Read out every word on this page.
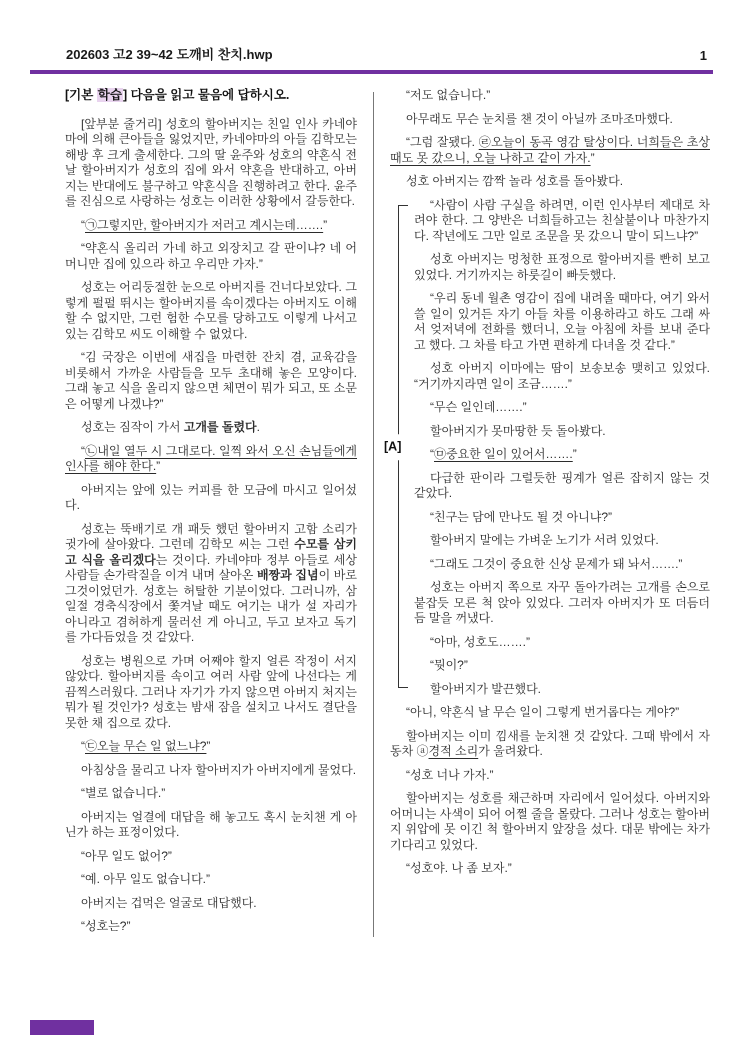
202603 고2 39~42 도깨비 찬치.hwp	1
[기본 학습] 다음을 읽고 물음에 답하시오.

[앞부분 줄거리] 성호의 할아버지는 친일 인사 카네야마에 의해 큰아들을 잃었지만, 카네야마의 아들 김학모는 해방 후 크게 출세한다. 그의 딸 윤주와 성호의 약혼식 전날 할아버지가 성호의 집에 와서 약혼을 반대하고, 아버지는 반대에도 불구하고 약혼식을 진행하려고 한다. 윤주를 진심으로 사랑하는 성호는 이러한 상황에서 갈등한다.

“㉠그렇지만, 할아버지가 저러고 계시는데…….”

“약혼식 올리러 가네 하고 외장치고 갈 판이냐? 네 어머니만 집에 있으라 하고 우리만 가자.”

성호는 어리둥절한 눈으로 아버지를 건너다보았다. 그렇게 펄펄 뛰시는 할아버지를 속이겠다는 아버지도 이해할 수 없지만, 그런 험한 수모를 당하고도 이렇게 나서고 있는 김학모 씨도 이해할 수 없었다.

“김 국장은 이번에 새집을 마련한 잔치 겸, 교육감을 비롯해서 가까운 사람들을 모두 초대해 놓은 모양이다. 그래 놓고 식을 올리지 않으면 체면이 뭐가 되고, 또 소문은 어떻게 나겠냐?”

성호는 짐작이 가서 고개를 돌렸다.

“㉡내일 열두 시 그대로다. 일찍 와서 오신 손님들에게 인사를 해야 한다.”

아버지는 앞에 있는 커피를 한 모금에 마시고 일어섰다.

성호는 뚝배기로 개 패듯 했던 할아버지 고함 소리가 귓가에 살아왔다. 그런데 김학모 씨는 그런 수모를 삼키고 식을 올리겠다는 것이다. 카네야마 정부 아들로 세상 사람들 손가락질을 이겨 내며 살아온 배짱과 집념이 바로 그것이었던가. 성호는 허탈한 기분이었다. 그러니까, 삼일절 경축식장에서 쫓겨날 때도 여기는 내가 설 자리가 아니라고 겸허하게 물러선 게 아니고, 두고 보자고 독기를 가다듬었을 것 같았다.

성호는 병원으로 가며 어째야 할지 얼른 작정이 서지 않았다. 할아버지를 속이고 여러 사람 앞에 나선다는 게 끔찍스러웠다. 그러나 자기가 가지 않으면 아버지 처지는 뭐가 될 것인가? 성호는 밤새 잠을 설치고 나서도 결단을 못한 채 집으로 갔다.

“㉢오늘 무슨 일 없느냐?”

아침상을 물리고 나자 할아버지가 아버지에게 물었다.

“별로 없습니다.”

아버지는 얼결에 대답을 해 놓고도 혹시 눈치챈 게 아닌가 하는 표정이었다.

“아무 일도 없어?”

“예. 아무 일도 없습니다.”

아버지는 겁먹은 얼굴로 대답했다.

“성호는?”

“저도 없습니다.”

아무래도 무슨 눈치를 챈 것이 아닐까 조마조마했다.

“그럼 잘됐다. ㉣오늘이 동곡 영감 탈상이다. 너희들은 초상 때도 못 갔으니, 오늘 나하고 같이 가자.”

성호 아버지는 깜짝 놀라 성호를 돌아봤다.

[A]

“사람이 사람 구실을 하려면, 이런 인사부터 제대로 차려야 한다. 그 양반은 너희들하고는 친살붙이나 마찬가지다. 작년에도 그만 일로 조문을 못 갔으니 말이 되느냐?”

성호 아버지는 멍청한 표정으로 할아버지를 빤히 보고 있었다. 거기까지는 하룻길이 빠듯했다.

“우리 동네 월촌 영감이 집에 내려올 때마다, 여기 와서 쓸 일이 있거든 자기 아들 차를 이용하라고 하도 그래 싸서 엊저녁에 전화를 했더니, 오늘 아침에 차를 보내 준다고 했다. 그 차를 타고 가면 편하게 다녀올 것 같다.”

성호 아버지 이마에는 땀이 보송보송 맺히고 있었다. “거기까지라면 일이 조금…….”

“무슨 일인데…….”

할아버지가 못마땅한 듯 돌아봤다.

“㉤중요한 일이 있어서…….”

다급한 판이라 그럴듯한 핑계가 얼른 잡히지 않는 것 같았다.

“친구는 담에 만나도 될 것 아니냐?”

할아버지 말에는 가벼운 노기가 서려 있었다.

“그래도 그것이 중요한 신상 문제가 돼 놔서…….”

성호는 아버지 쪽으로 자꾸 돌아가려는 고개를 손으로 붙잡듯 모른 척 앉아 있었다. 그러자 아버지가 또 더듬더듬 말을 꺼냈다.

“아마, 성호도…….”

“뭣이?”

할아버지가 발끈했다.

“아니, 약혼식 날 무슨 일이 그렇게 번거롭다는 게야?”

할아버지는 이미 낌새를 눈치챈 것 같았다. 그때 밖에서 자동차 ⓐ경적 소리가 울려왔다.

“성호 너나 가자.”

할아버지는 성호를 채근하며 자리에서 일어섰다. 아버지와 어머니는 사색이 되어 어쩔 줄을 몰랐다. 그러나 성호는 할아버지 위압에 못 이긴 척 할아버지 앞장을 섰다. 대문 밖에는 차가 기다리고 있었다.

“성호야. 나 좀 보자.”
